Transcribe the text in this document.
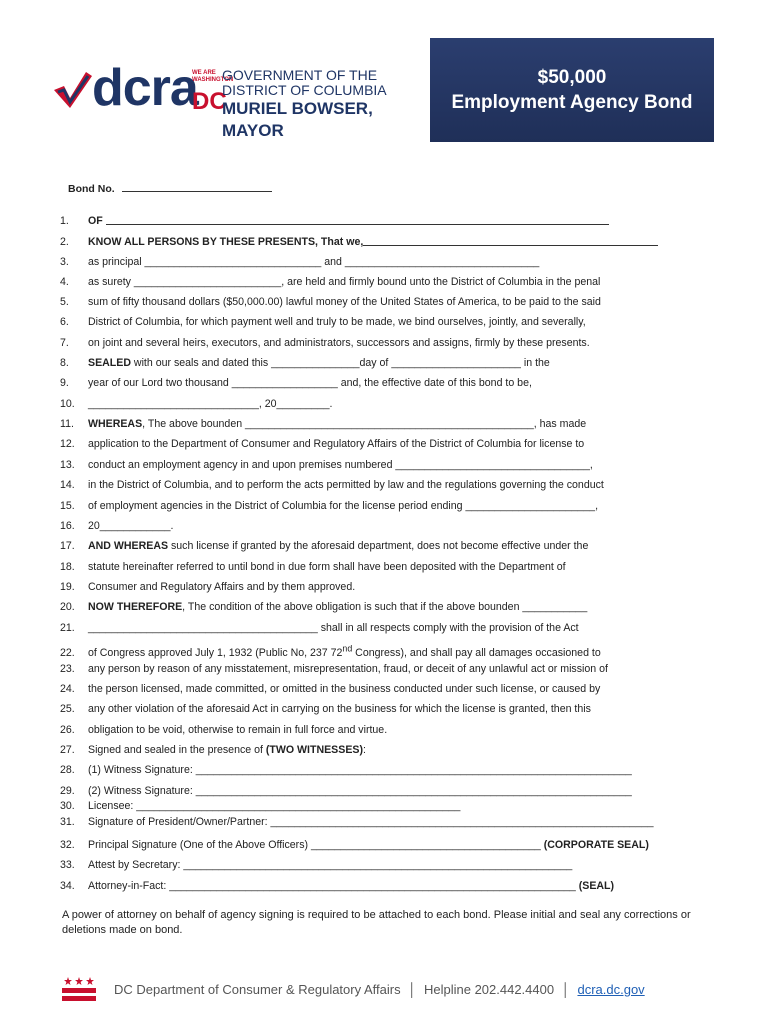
dcra
WE ARE
WASHINGTON
DC
GOVERNMENT OF THE
DISTRICT OF COLUMBIA
MURIEL BOWSER, MAYOR
$50,000
Employment Agency Bond
Bond No.
1. OF
2. KNOW ALL PERSONS BY THESE PRESENTS, That we,
3. as principal ______________________________ and _________________________________
4. as surety _________________________, are held and firmly bound unto the District of Columbia in the penal
5. sum of fifty thousand dollars ($50,000.00) lawful money of the United States of America, to be paid to the said
6. District of Columbia, for which payment well and truly to be made, we bind ourselves, jointly, and severally,
7. on joint and several heirs, executors, and administrators, successors and assigns, firmly by these presents.
8. SEALED with our seals and dated this _______________day of ______________________ in the
9. year of our Lord two thousand __________________ and, the effective date of this bond to be,
10. _____________________________, 20_________.
11. WHEREAS, The above bounden _________________________________________________, has made
12. application to the Department of Consumer and Regulatory Affairs of the District of Columbia for license to
13. conduct an employment agency in and upon premises numbered _________________________________,
14. in the District of Columbia, and to perform the acts permitted by law and the regulations governing the conduct
15. of employment agencies in the District of Columbia for the license period ending ______________________,
16. 20____________.
17. AND WHEREAS such license if granted by the aforesaid department, does not become effective under the
18. statute hereinafter referred to until bond in due form shall have been deposited with the Department of
19. Consumer and Regulatory Affairs and by them approved.
20. NOW THEREFORE, The condition of the above obligation is such that if the above bounden ___________
21. _______________________________________ shall in all respects comply with the provision of the Act
22. of Congress approved July 1, 1932 (Public No, 237 72nd Congress), and shall pay all damages occasioned to
23. any person by reason of any misstatement, misrepresentation, fraud, or deceit of any unlawful act or mission of
24. the person licensed, made committed, or omitted in the business conducted under such license, or caused by
25. any other violation of the aforesaid Act in carrying on the business for which the license is granted, then this
26. obligation to be void, otherwise to remain in full force and virtue.
27. Signed and sealed in the presence of (TWO WITNESSES):
28. (1) Witness Signature: __________________________________________________________________________
29. (2) Witness Signature: __________________________________________________________________________
30. Licensee: _______________________________________________________
31. Signature of President/Owner/Partner: _________________________________________________________________
32. Principal Signature (One of the Above Officers) _______________________________________ (CORPORATE SEAL)
33. Attest by Secretary: __________________________________________________________________
34. Attorney-in-Fact: _____________________________________________________________________ (SEAL)
A power of attorney on behalf of agency signing is required to be attached to each bond. Please initial and seal any corrections or deletions made on bond.
DC Department of Consumer & Regulatory Affairs │ Helpline 202.442.4400 │ dcra.dc.gov
